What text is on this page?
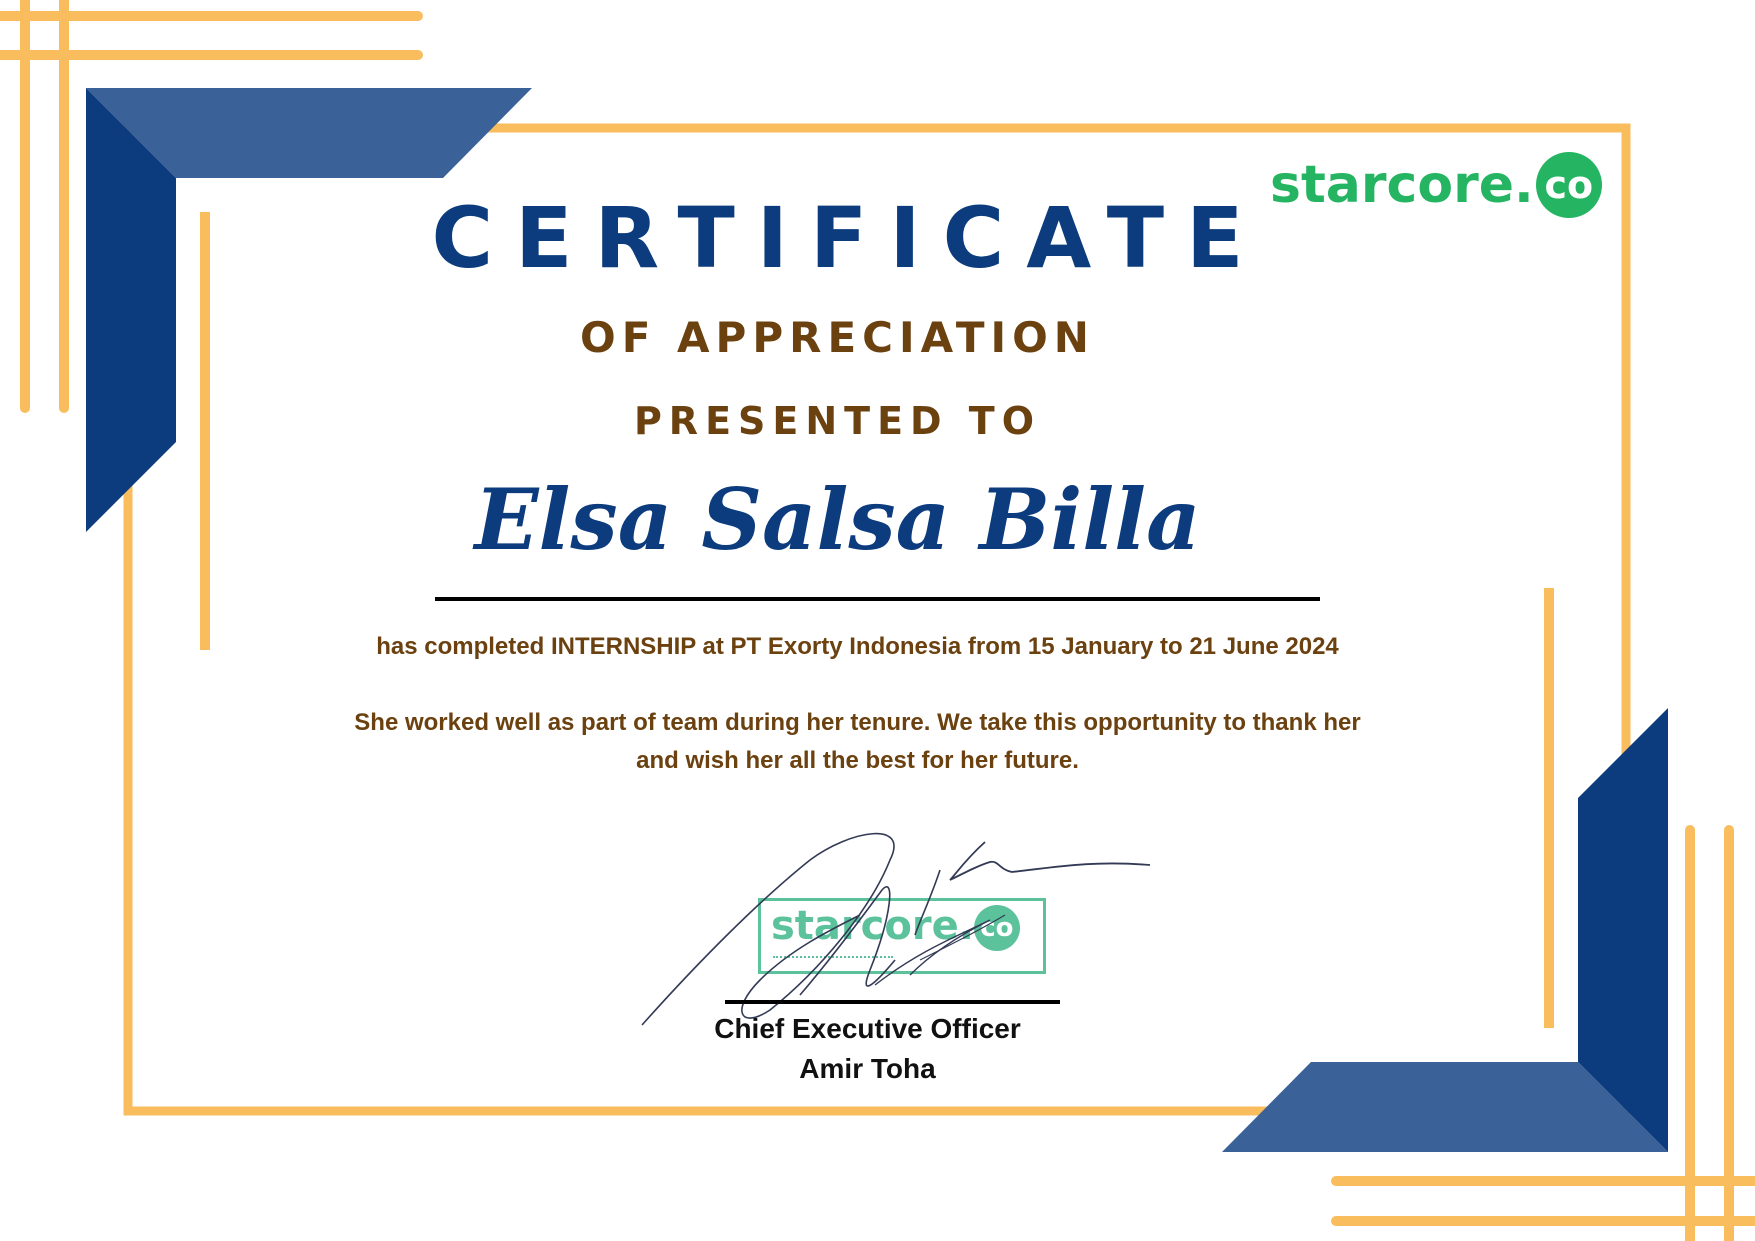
starcore. co
CERTIFICATE
OF APPRECIATION
PRESENTED TO
Elsa Salsa Billa

has completed INTERNSHIP at PT Exorty Indonesia from 15 January to 21 June 2024

She worked well as part of team during her tenure. We take this opportunity to thank her

and wish her all the best for her future.

starcore. co
Chief Executive Officer
Amir Toha
